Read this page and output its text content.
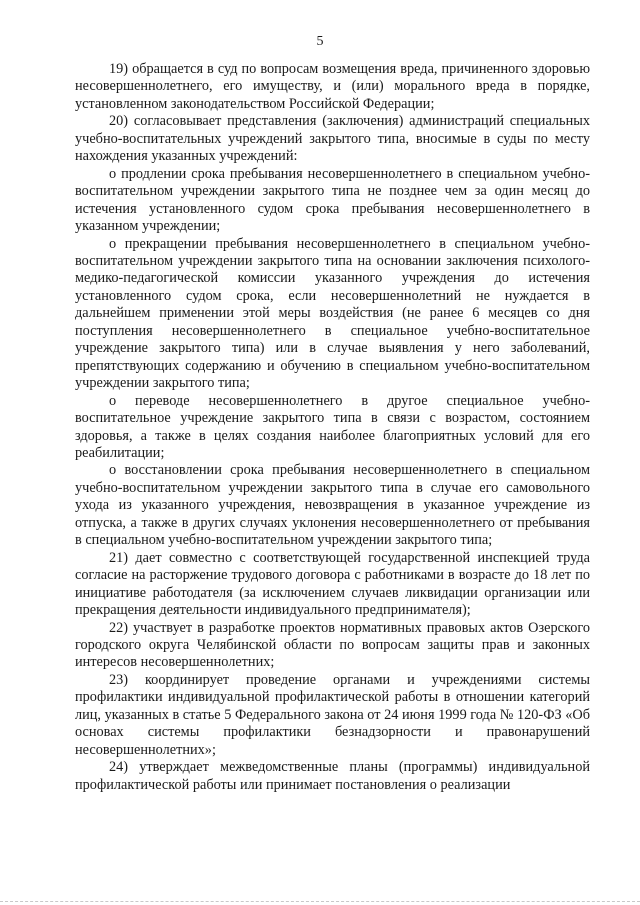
5

19) обращается в суд по вопросам возмещения вреда, причиненного здоровью несовершеннолетнего, его имуществу, и (или) морального вреда в порядке, установленном законодательством Российской Федерации;

20) согласовывает представления (заключения) администраций специальных учебно-воспитательных учреждений закрытого типа, вносимые в суды по месту нахождения указанных учреждений:

о продлении срока пребывания несовершеннолетнего в специальном учебно-воспитательном учреждении закрытого типа не позднее чем за один месяц до истечения установленного судом срока пребывания несовершеннолетнего в указанном учреждении;

о прекращении пребывания несовершеннолетнего в специальном учебно-воспитательном учреждении закрытого типа на основании заключения психолого-медико-педагогической комиссии указанного учреждения до истечения установленного судом срока, если несовершеннолетний не нуждается в дальнейшем применении этой меры воздействия (не ранее 6 месяцев со дня поступления несовершеннолетнего в специальное учебно-воспитательное учреждение закрытого типа) или в случае выявления у него заболеваний, препятствующих содержанию и обучению в специальном учебно-воспитательном учреждении закрытого типа;

о переводе несовершеннолетнего в другое специальное учебно-воспитательное учреждение закрытого типа в связи с возрастом, состоянием здоровья, а также в целях создания наиболее благоприятных условий для его реабилитации;

о восстановлении срока пребывания несовершеннолетнего в специальном учебно-воспитательном учреждении закрытого типа в случае его самовольного ухода из указанного учреждения, невозвращения в указанное учреждение из отпуска, а также в других случаях уклонения несовершеннолетнего от пребывания в специальном учебно-воспитательном учреждении закрытого типа;

21) дает совместно с соответствующей государственной инспекцией труда согласие на расторжение трудового договора с работниками в возрасте до 18 лет по инициативе работодателя (за исключением случаев ликвидации организации или прекращения деятельности индивидуального предпринимателя);

22) участвует в разработке проектов нормативных правовых актов Озерского городского округа Челябинской области по вопросам защиты прав и законных интересов несовершеннолетних;

23) координирует проведение органами и учреждениями системы профилактики индивидуальной профилактической работы в отношении категорий лиц, указанных в статье 5 Федерального закона от 24 июня 1999 года № 120-ФЗ «Об основах системы профилактики безнадзорности и правонарушений несовершеннолетних»;

24) утверждает межведомственные планы (программы) индивидуальной профилактической работы или принимает постановления о реализации
